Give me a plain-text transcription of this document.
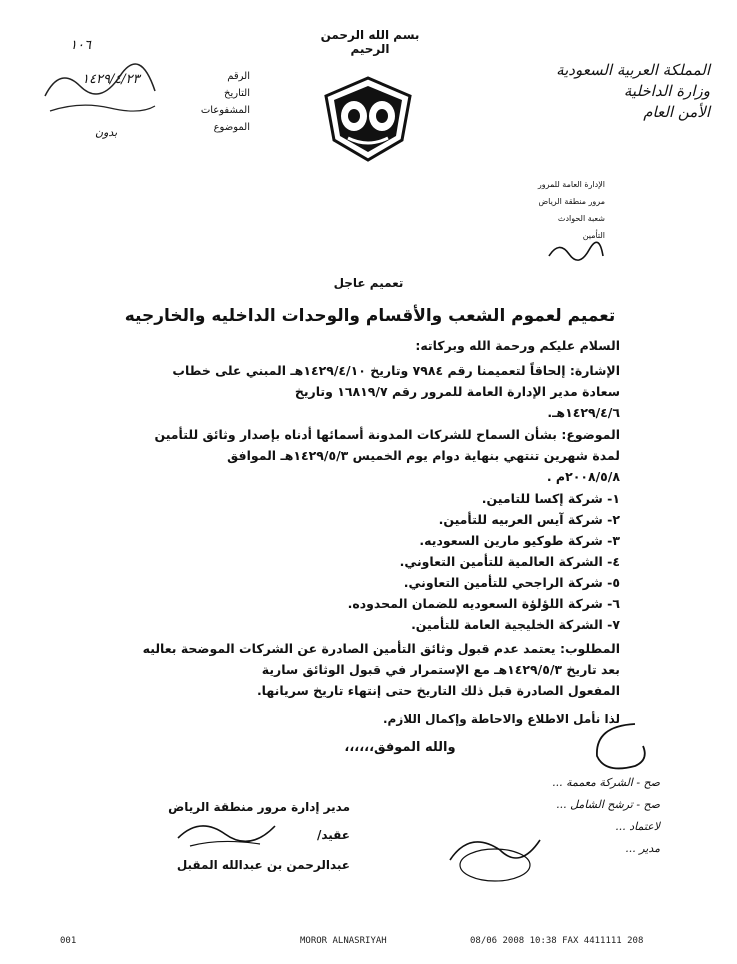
بسم الله الرحمن الرحيم
المملكة العربية السعودية
وزارة الداخلية
الأمن العام
الإدارة العامة للمرور
مرور منطقة الرياض
شعبة الحوادث
التأمين
الرقم
التاريخ
المشفوعات
الموضوع
١٠٦
١٤٢٩/٤/٢٣
بدون
تعميم عاجل
تعميم لعموم الشعب والأقسام والوحدات الداخليه والخارجيه
السلام عليكم ورحمة الله وبركاته:
الإشارة: إلحاقاً لتعميمنا رقم ٧٩٨٤ وتاريخ ١٤٢٩/٤/١٠هـ المبني على خطاب
سعادة مدير الإدارة العامة للمرور رقم ١٦٨١٩/٧ وتاريخ
١٤٢٩/٤/٦هـ.
الموضوع: بشأن السماح للشركات المدونة أسمائها أدناه بإصدار وثائق للتأمين
لمدة شهرين تنتهي بنهاية دوام يوم الخميس ١٤٢٩/٥/٣هـ الموافق
٢٠٠٨/٥/٨م .
١- شركة إكسا للتامين.
٢- شركة آيس العربيه للتأمين.
٣- شركة طوكيو مارين السعوديه.
٤- الشركة العالمية للتأمين التعاوني.
٥- شركة الراجحي للتأمين التعاوني.
٦- شركة اللؤلؤة السعوديه للضمان المحدوده.
٧- الشركة الخليجية العامة للتأمين.
المطلوب: يعتمد عدم قبول وثائق التأمين الصادرة عن الشركات الموضحة بعاليه
بعد تاريخ ١٤٢٩/٥/٣هـ مع الإستمرار في قبول الوثائق سارية
المفعول الصادرة قبل ذلك التاريخ حتى إنتهاء تاريخ سريانها.
لذا نأمل الاطلاع والاحاطة وإكمال اللازم.
والله الموفق،،،،،،
مدير إدارة مرور منطقة الرياض
عقيد/
عبدالرحمن بن عبدالله المقبل
صح - الشركة معممة ...
صح - ترشح الشامل ...
لاعتماد ...
مدير ...
001	MOROR ALNASRIYAH	08/06 2008 10:38 FAX 4411111 208
